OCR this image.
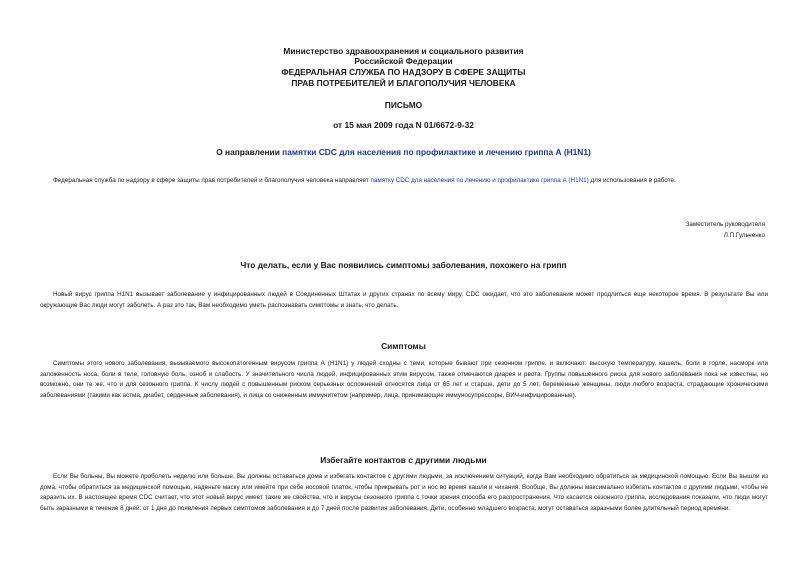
Министерство здравоохранения и социального развития
Российской Федерации
ФЕДЕРАЛЬНАЯ СЛУЖБА ПО НАДЗОРУ В СФЕРЕ ЗАЩИТЫ
ПРАВ ПОТРЕБИТЕЛЕЙ И БЛАГОПОЛУЧИЯ ЧЕЛОВЕКА
ПИСЬМО
от 15 мая 2009 года N 01/6672-9-32
О направлении памятки CDC для населения по профилактике и лечению гриппа А (H1N1)
Федеральная служба по надзору в сфере защиты прав потребителей и благополучия человека направляет памятку CDC для населения по лечению и профилактике гриппа А (H1N1) для использования в работе.
Заместитель руководителя
Л.П.Гульченко
Что делать, если у Вас появились симптомы заболевания, похожего на грипп
Новый вирус гриппа H1N1 вызывает заболевание у инфицированных людей в Соединенных Штатах и других странах по всему миру. CDC ожидает, что это заболевание может продлиться еще некоторое время. В результате Вы или окружающие Вас люди могут заболеть. А раз это так, Вам необходимо уметь распознавать симптомы и знать, что делать.
Симптомы
Симптомы этого нового заболевания, вызываемого высокопатогенным вирусом гриппа А (H1N1) у людей сходны с теми, которые бывают при сезонном гриппе, и включают: высокую температуру, кашель, боли в горле, насморк или заложенность носа, боли в теле, головную боль, озноб и слабость. У значительного числа людей, инфицированных этим вирусом, также отмечаются диарея и рвота. Группы повышенного риска для нового заболевания пока не известны, но возможно, они те же, что и для сезонного гриппа. К числу людей с повышенным риском серьезных осложнений относятся лица от 65 лет и старше, дети до 5 лет, беременные женщины, люди любого возраста, страдающие хроническими заболеваниями (такими как астма, диабет, сердечные заболевания), и лица со сниженным иммунитетом (например, лица, принимающие иммуносупрессоры, ВИЧ-инфицированные).
Избегайте контактов с другими людьми
Если Вы больны, Вы можете проболеть неделю или больше. Вы должны оставаться дома и избегать контактов с другими людьми, за исключением ситуаций, когда Вам необходимо обратиться за медицинской помощью. Если Вы вышли из дома, чтобы обратиться за медицинской помощью, наденьте маску или имейте при себе носовой платок, чтобы прикрывать рот и нос во время кашля и чихания. Вообще, Вы должны максимально избегать контактов с другими людьми, чтобы не заразить их. В настоящее время CDC считает, что этот новый вирус имеет такие же свойства, что и вирусы сезонного гриппа с точки зрения способа его распространения. Что касается сезонного гриппа, исследования показали, что люди могут быть заразными в течение 8 дней: от 1 дня до появления первых симптомов заболевания и до 7 дней после развития заболевания. Дети, особенно младшего возраста, могут оставаться заразными более длительный период времени.
